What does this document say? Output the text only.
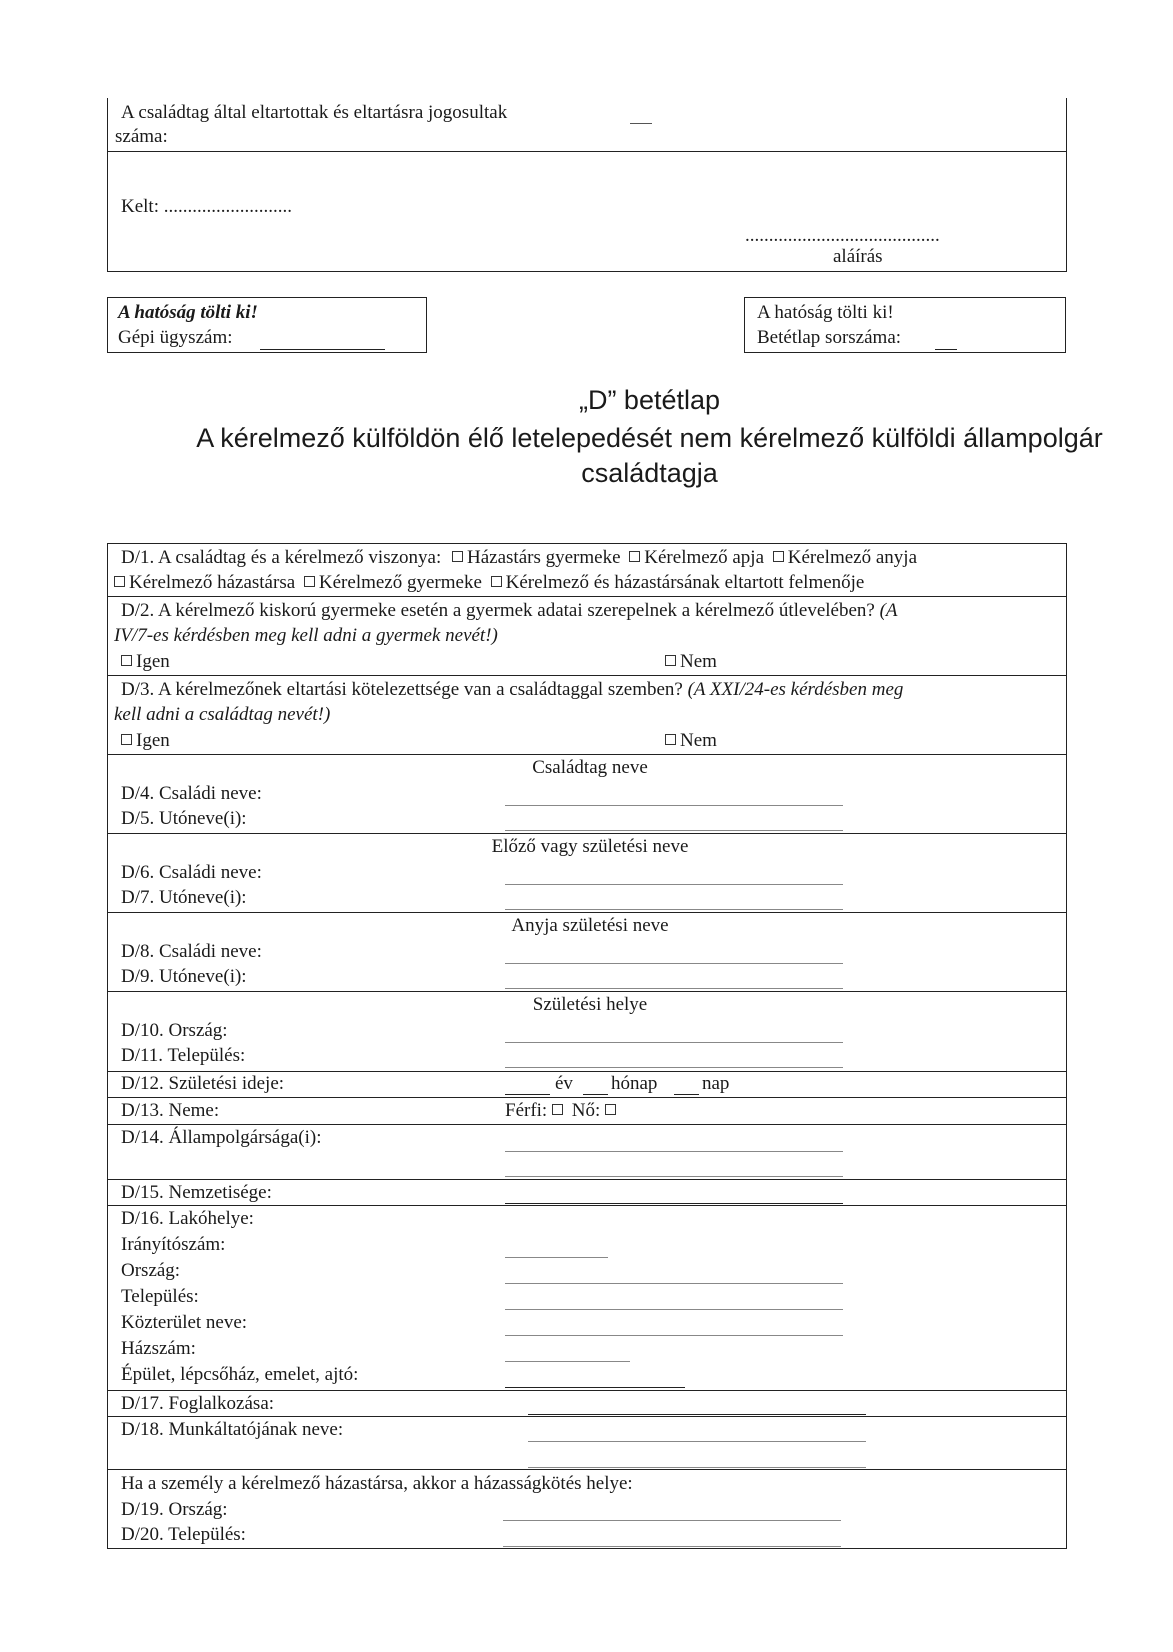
A családtag által eltartottak és eltartásra jogosultak
száma:
Kelt: ...........................
.........................................
aláírás
A hatóság tölti ki!
Gépi ügyszám:
A hatóság tölti ki!
Betétlap sorszáma:
„D” betétlap
A kérelmező külföldön élő letelepedését nem kérelmező külföldi állampolgár
családtagja
D/1. A családtag és a kérelmező viszonya: Házastárs gyermeke Kérelmező apja Kérelmező anyja
Kérelmező házastársa Kérelmező gyermeke Kérelmező és házastársának eltartott felmenője
D/2. A kérelmező kiskorú gyermeke esetén a gyermek adatai szerepelnek a kérelmező útlevelében? (A
IV/7-es kérdésben meg kell adni a gyermek nevét!)
Igen	Nem
D/3. A kérelmezőnek eltartási kötelezettsége van a családtaggal szemben? (A XXI/24-es kérdésben meg
kell adni a családtag nevét!)
Igen	Nem
Családtag neve
D/4. Családi neve:
D/5. Utóneve(i):
Előző vagy születési neve
D/6. Családi neve:
D/7. Utóneve(i):
Anyja születési neve
D/8. Családi neve:
D/9. Utóneve(i):
Születési helye
D/10. Ország:
D/11. Település:
D/12. Születési ideje:	év hónap nap
D/13. Neme:	Férfi: Nő:
D/14. Állampolgársága(i):
D/15. Nemzetisége:
D/16. Lakóhelye:
Irányítószám:
Ország:
Település:
Közterület neve:
Házszám:
Épület, lépcsőház, emelet, ajtó:
D/17. Foglalkozása:
D/18. Munkáltatójának neve:
Ha a személy a kérelmező házastársa, akkor a házasságkötés helye:
D/19. Ország:
D/20. Település:
